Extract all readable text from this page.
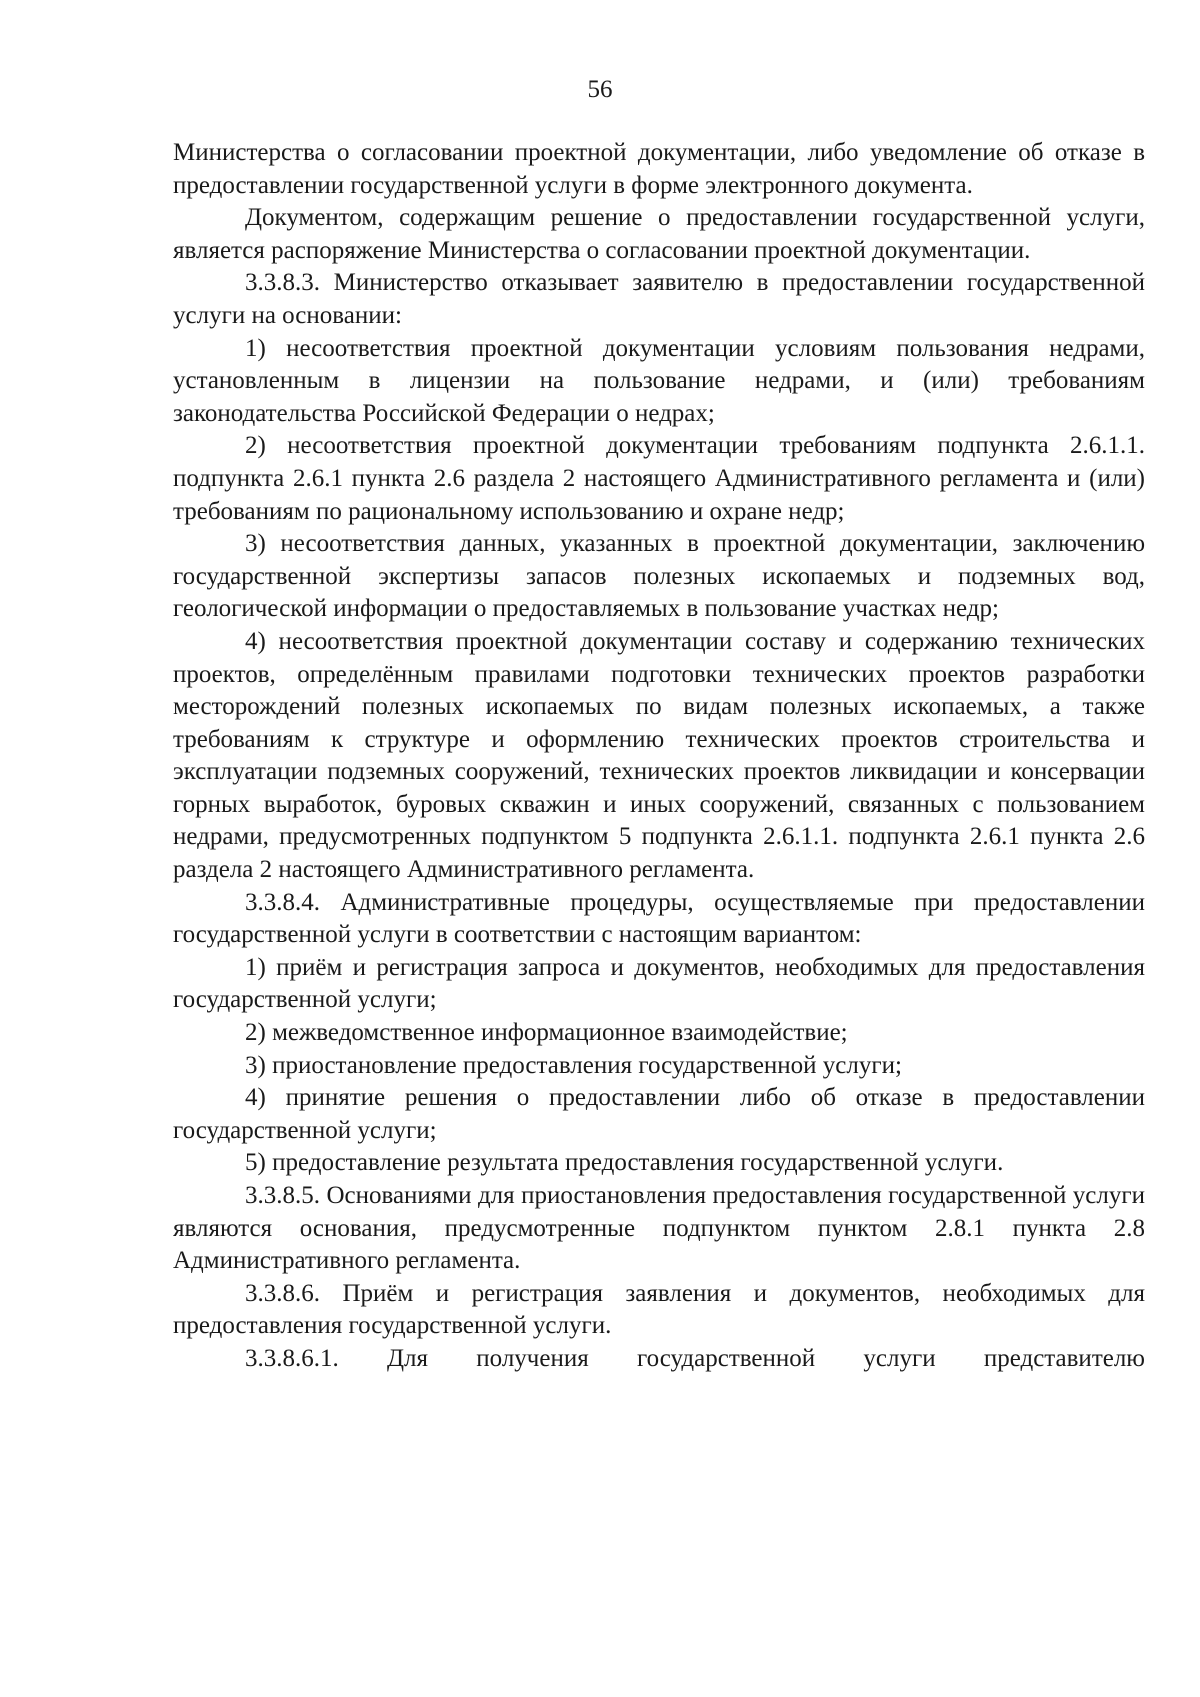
56

Министерства о согласовании проектной документации, либо уведомление об отказе в предоставлении государственной услуги в форме электронного документа.

Документом, содержащим решение о предоставлении государственной услуги, является распоряжение Министерства о согласовании проектной документации.

3.3.8.3. Министерство отказывает заявителю в предоставлении государственной услуги на основании:

1) несоответствия проектной документации условиям пользования недрами, установленным в лицензии на пользование недрами, и (или) требованиям законодательства Российской Федерации о недрах;

2) несоответствия проектной документации требованиям подпункта 2.6.1.1. подпункта 2.6.1 пункта 2.6 раздела 2 настоящего Административного регламента и (или) требованиям по рациональному использованию и охране недр;

3) несоответствия данных, указанных в проектной документации, заключению государственной экспертизы запасов полезных ископаемых и подземных вод, геологической информации о предоставляемых в пользование участках недр;

4) несоответствия проектной документации составу и содержанию технических проектов, определённым правилами подготовки технических проектов разработки месторождений полезных ископаемых по видам полезных ископаемых, а также требованиям к структуре и оформлению технических проектов строительства и эксплуатации подземных сооружений, технических проектов ликвидации и консервации горных выработок, буровых скважин и иных сооружений, связанных с пользованием недрами, предусмотренных подпунктом 5 подпункта 2.6.1.1. подпункта 2.6.1 пункта 2.6 раздела 2 настоящего Административного регламента.

3.3.8.4. Административные процедуры, осуществляемые при предоставлении государственной услуги в соответствии с настоящим вариантом:

1) приём и регистрация запроса и документов, необходимых для предоставления государственной услуги;

2) межведомственное информационное взаимодействие;

3) приостановление предоставления государственной услуги;

4) принятие решения о предоставлении либо об отказе в предоставлении государственной услуги;

5) предоставление результата предоставления государственной услуги.

3.3.8.5. Основаниями для приостановления предоставления государственной услуги являются основания, предусмотренные подпунктом пунктом 2.8.1 пункта 2.8 Административного регламента.

3.3.8.6. Приём и регистрация заявления и документов, необходимых для предоставления государственной услуги.

3.3.8.6.1. Для получения государственной услуги представителю
